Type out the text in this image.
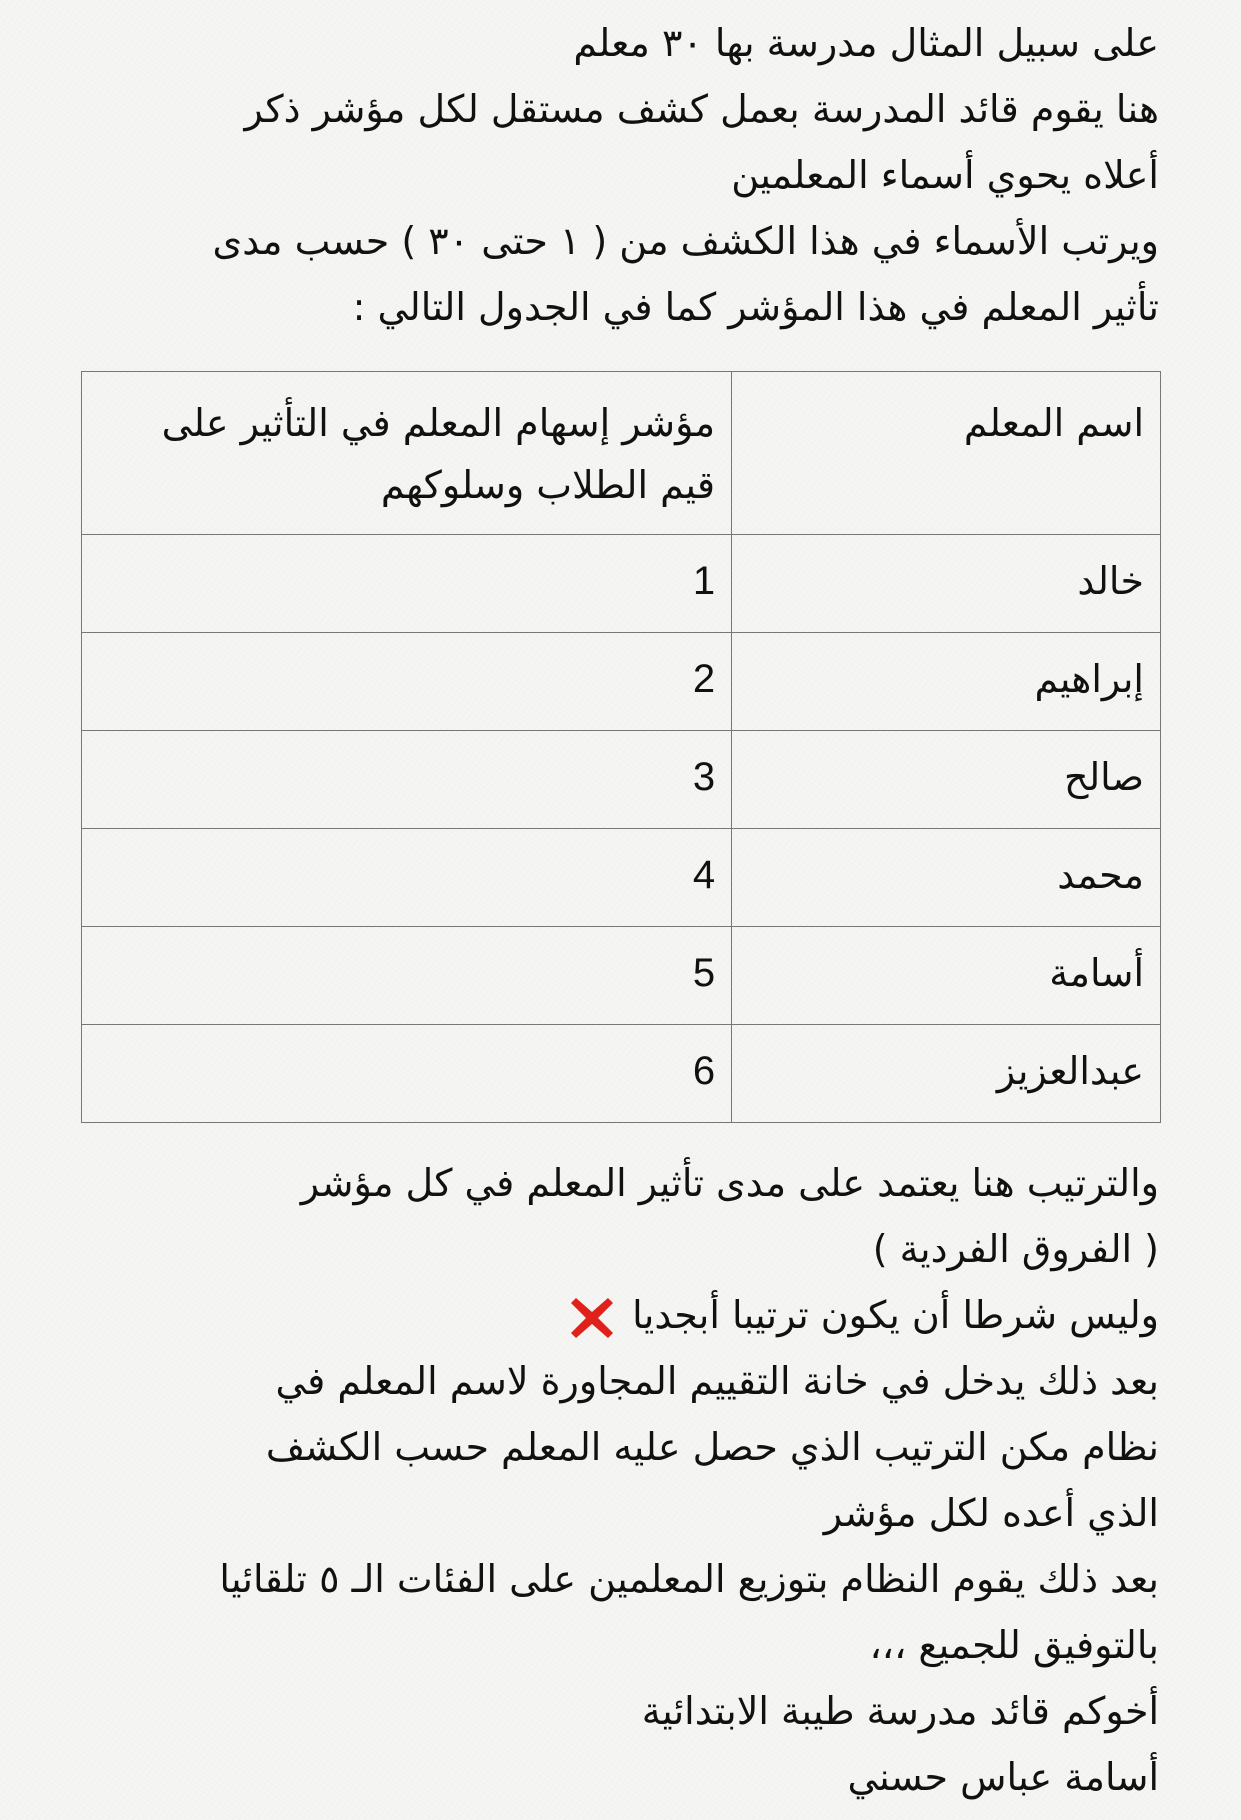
على سبيل المثال مدرسة بها ٣٠ معلم
هنا يقوم قائد المدرسة بعمل كشف مستقل لكل مؤشر ذكر
أعلاه يحوي أسماء المعلمين
ويرتب الأسماء في هذا الكشف من ( ١ حتى ٣٠ ) حسب مدى
تأثير المعلم في هذا المؤشر كما في الجدول التالي :
اسم المعلم	مؤشر إسهام المعلم في التأثير على قيم الطلاب وسلوكهم
خالد	1
إبراهيم	2
صالح	3
محمد	4
أسامة	5
عبدالعزيز	6
والترتيب هنا يعتمد على مدى تأثير المعلم في كل مؤشر
( الفروق الفردية )
وليس شرطا أن يكون ترتيبا أبجديا
بعد ذلك يدخل في خانة التقييم المجاورة لاسم المعلم في
نظام مكن الترتيب الذي حصل عليه المعلم حسب الكشف
الذي أعده لكل مؤشر
بعد ذلك يقوم النظام بتوزيع المعلمين على الفئات الـ ٥ تلقائيا
بالتوفيق للجميع ،،،
أخوكم قائد مدرسة طيبة الابتدائية
أسامة عباس حسني
